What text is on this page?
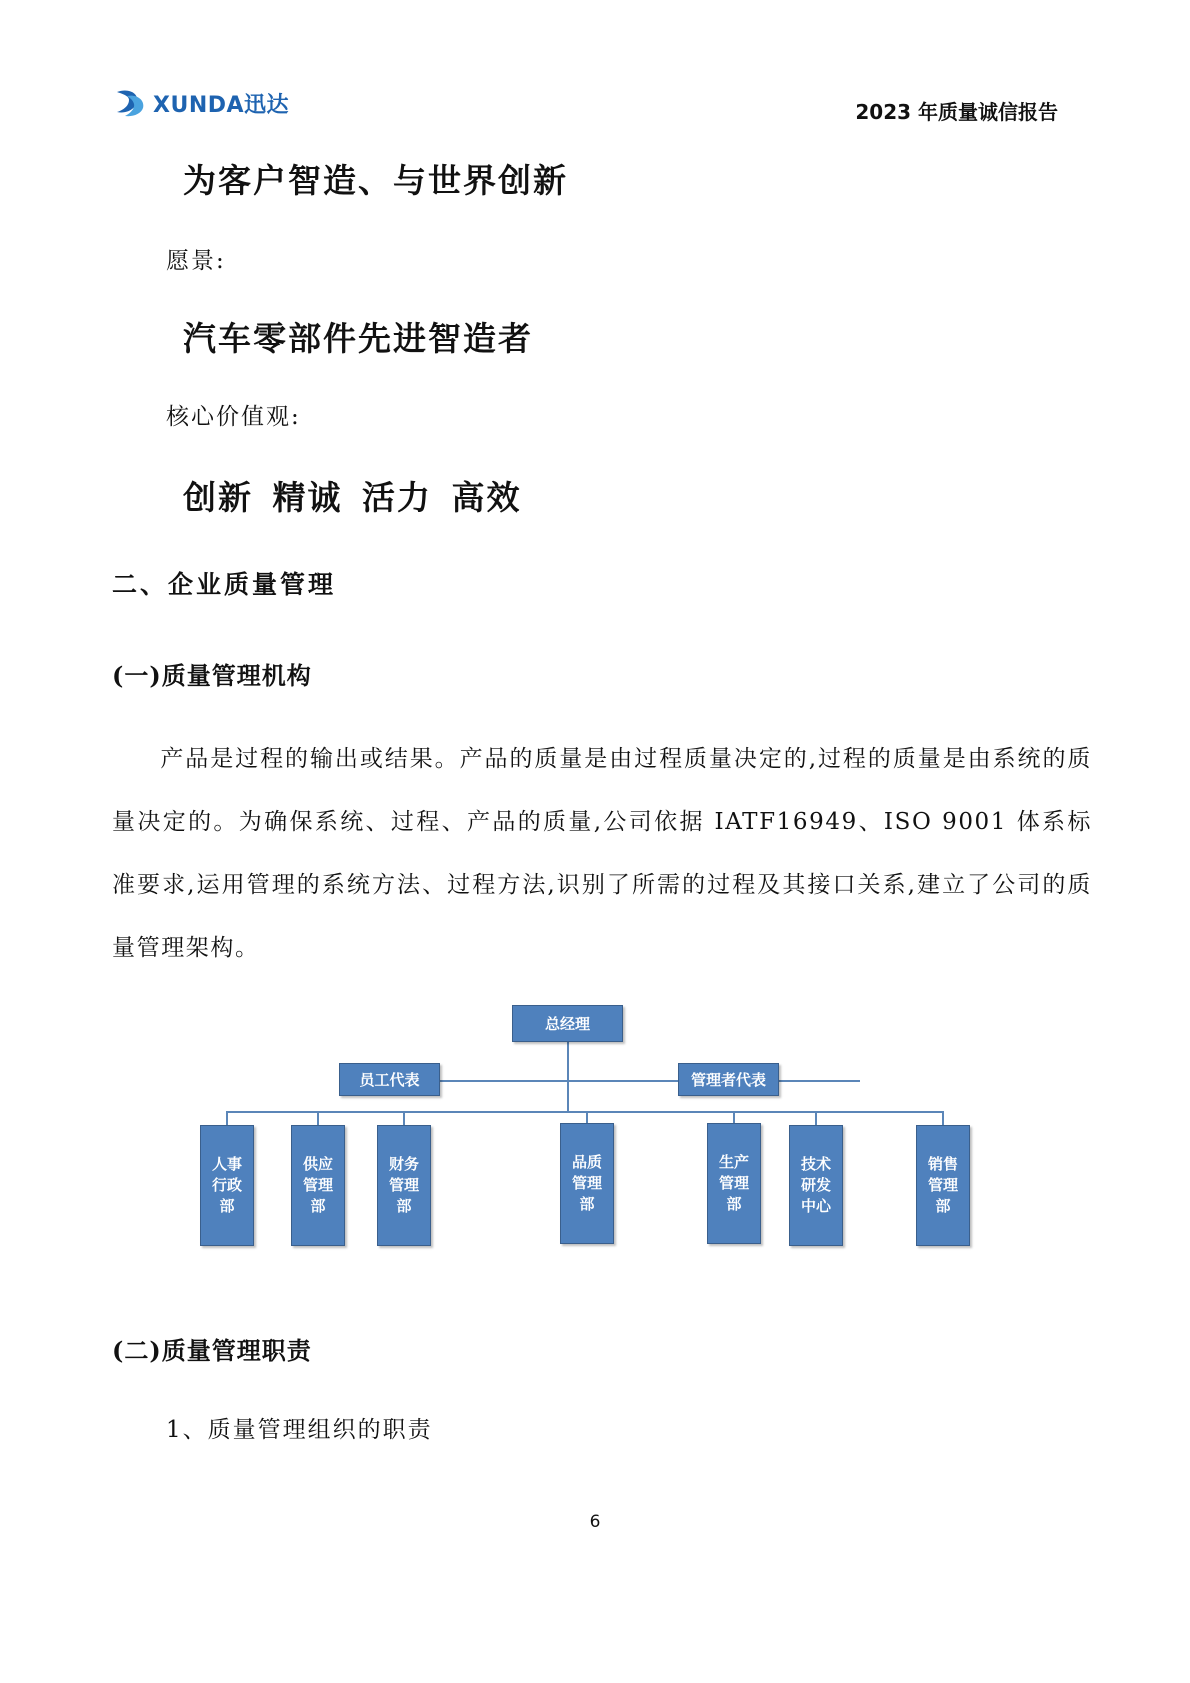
XUNDA迅达	2023 年质量诚信报告
为客户智造、与世界创新
愿景:
汽车零部件先进智造者
核心价值观:
创新 精诚 活力 高效
二、企业质量管理
(一)质量管理机构
产品是过程的输出或结果。产品的质量是由过程质量决定的,过程的质量是由系统的质量决定的。为确保系统、过程、产品的质量,公司依据 IATF16949、ISO 9001 体系标准要求,运用管理的系统方法、过程方法,识别了所需的过程及其接口关系,建立了公司的质量管理架构。
总经理
员工代表	管理者代表
人事行政部
供应管理部
财务管理部
品质管理部
生产管理部
技术研发中心
销售管理部
(二)质量管理职责
1、质量管理组织的职责
6
